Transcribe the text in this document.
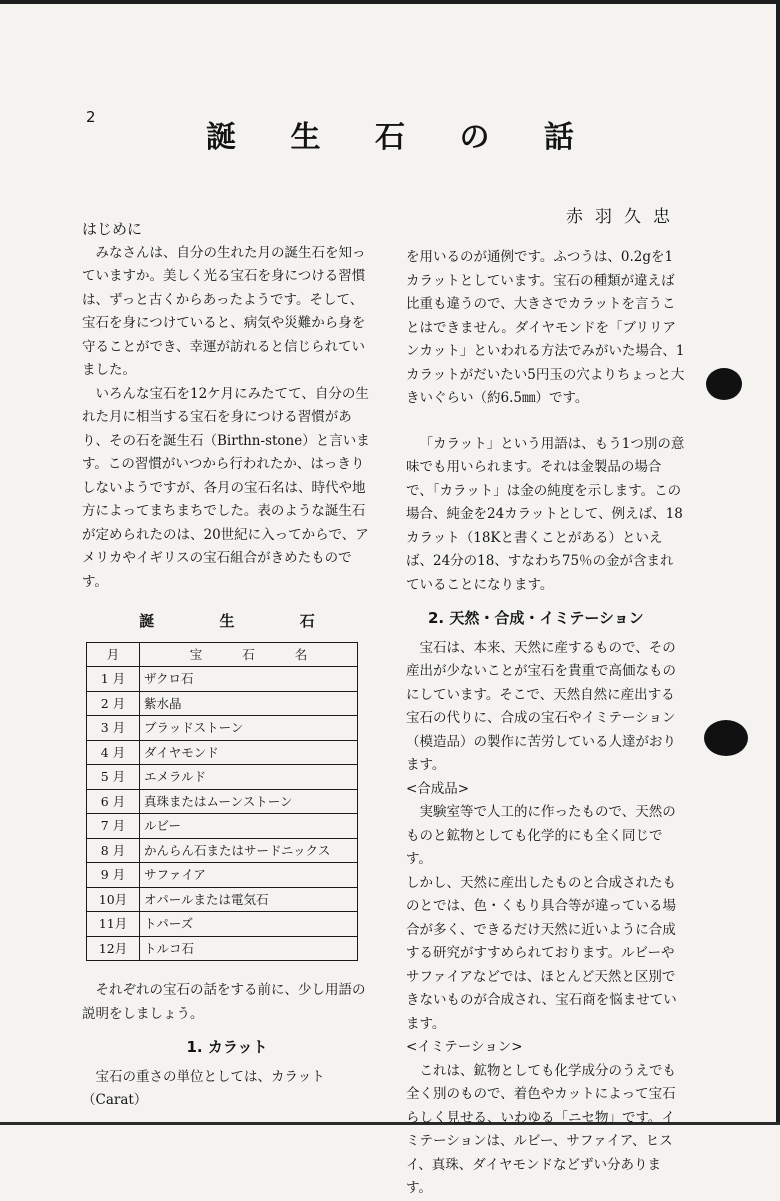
2
誕 生 石 の 話
赤羽久忠

はじめに

みなさんは、自分の生れた月の誕生石を知っていますか。美しく光る宝石を身につける習慣は、ずっと古くからあったようです。そして、宝石を身につけていると、病気や災難から身を守ることができ、幸運が訪れると信じられていました。

いろんな宝石を12ケ月にみたてて、自分の生れた月に相当する宝石を身につける習慣があり、その石を誕生石（Birthn-stone）と言います。この習慣がいつから行われたか、はっきりしないようですが、各月の宝石名は、時代や地方によってまちまちでした。表のような誕生石が定められたのは、20世紀に入ってからで、アメリカやイギリスの宝石組合がきめたものです。

誕 生 石
月	宝 石 名
1 月	ザクロ石
2 月	紫水晶
3 月	ブラッドストーン
4 月	ダイヤモンド
5 月	エメラルド
6 月	真珠またはムーンストーン
7 月	ルビー
8 月	かんらん石またはサードニックス
9 月	サファイア
10月	オパールまたは電気石
11月	トパーズ
12月	トルコ石

それぞれの宝石の話をする前に、少し用語の説明をしましょう。

1. カラット

宝石の重さの単位としては、カラット（Carat）

を用いるのが通例です。ふつうは、0.2gを1カラットとしています。宝石の種類が違えば比重も違うので、大きさでカラットを言うことはできません。ダイヤモンドを「ブリリアンカット」といわれる方法でみがいた場合、1カラットがだいたい5円玉の穴よりちょっと大きいぐらい（約6.5㎜）です。

「カラット」という用語は、もう1つ別の意味でも用いられます。それは金製品の場合で、「カラット」は金の純度を示します。この場合、純金を24カラットとして、例えば、18カラット（18Kと書くことがある）といえば、24分の18、すなわち75％の金が含まれていることになります。

2. 天然・合成・イミテーション

宝石は、本来、天然に産するもので、その産出が少ないことが宝石を貴重で高価なものにしています。そこで、天然自然に産出する宝石の代りに、合成の宝石やイミテーション（模造品）の製作に苦労している人達がおります。

<合成品>

実験室等で人工的に作ったもので、天然のものと鉱物としても化学的にも全く同じです。

しかし、天然に産出したものと合成されたものとでは、色・くもり具合等が違っている場合が多く、できるだけ天然に近いように合成する研究がすすめられております。ルビーやサファイアなどでは、ほとんど天然と区別できないものが合成され、宝石商を悩ませています。

<イミテーション>

これは、鉱物としても化学成分のうえでも全く別のもので、着色やカットによって宝石らしく見せる、いわゆる「ニセ物」です。イミテーションは、ルビー、サファイア、ヒスイ、真珠、ダイヤモンドなどずい分あります。
